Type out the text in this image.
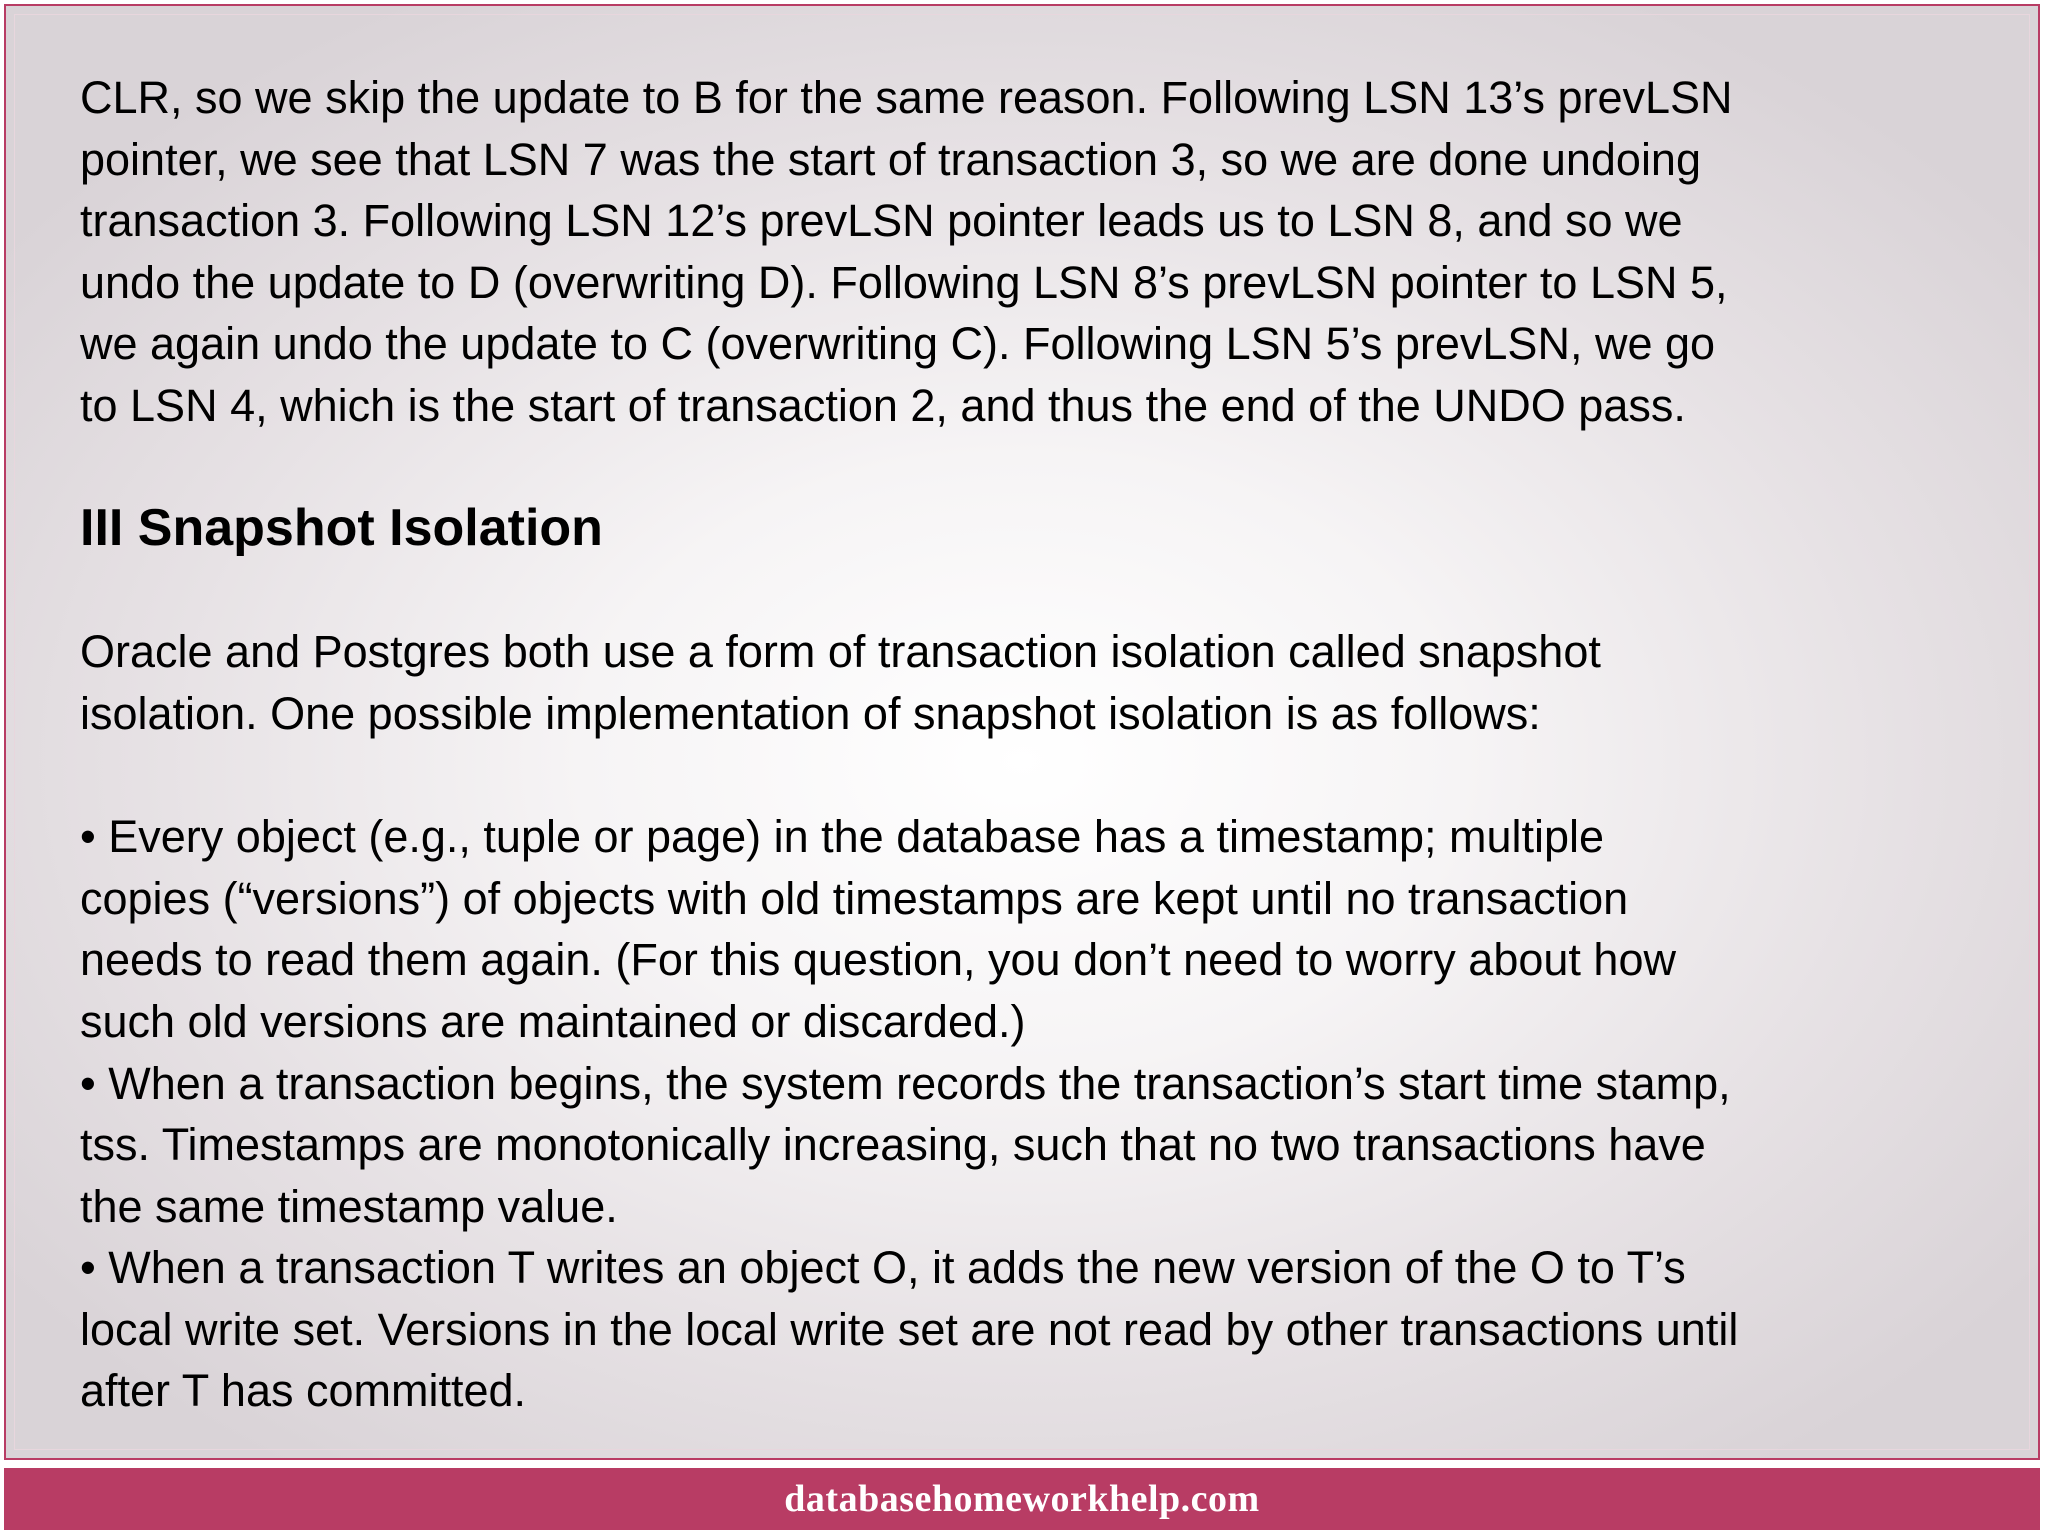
CLR, so we skip the update to B for the same reason. Following LSN 13’s prevLSN
pointer, we see that LSN 7 was the start of transaction 3, so we are done undoing
transaction 3. Following LSN 12’s prevLSN pointer leads us to LSN 8, and so we
undo the update to D (overwriting D). Following LSN 8’s prevLSN pointer to LSN 5,
we again undo the update to C (overwriting C). Following LSN 5’s prevLSN, we go
to LSN 4, which is the start of transaction 2, and thus the end of the UNDO pass.

III Snapshot Isolation

Oracle and Postgres both use a form of transaction isolation called snapshot
isolation. One possible implementation of snapshot isolation is as follows:

• Every object (e.g., tuple or page) in the database has a timestamp; multiple
copies (“versions”) of objects with old timestamps are kept until no transaction
needs to read them again. (For this question, you don’t need to worry about how
such old versions are maintained or discarded.)

• When a transaction begins, the system records the transaction’s start time stamp,
tss. Timestamps are monotonically increasing, such that no two transactions have
the same timestamp value.

• When a transaction T writes an object O, it adds the new version of the O to T’s
local write set. Versions in the local write set are not read by other transactions until
after T has committed.

databasehomeworkhelp.com
